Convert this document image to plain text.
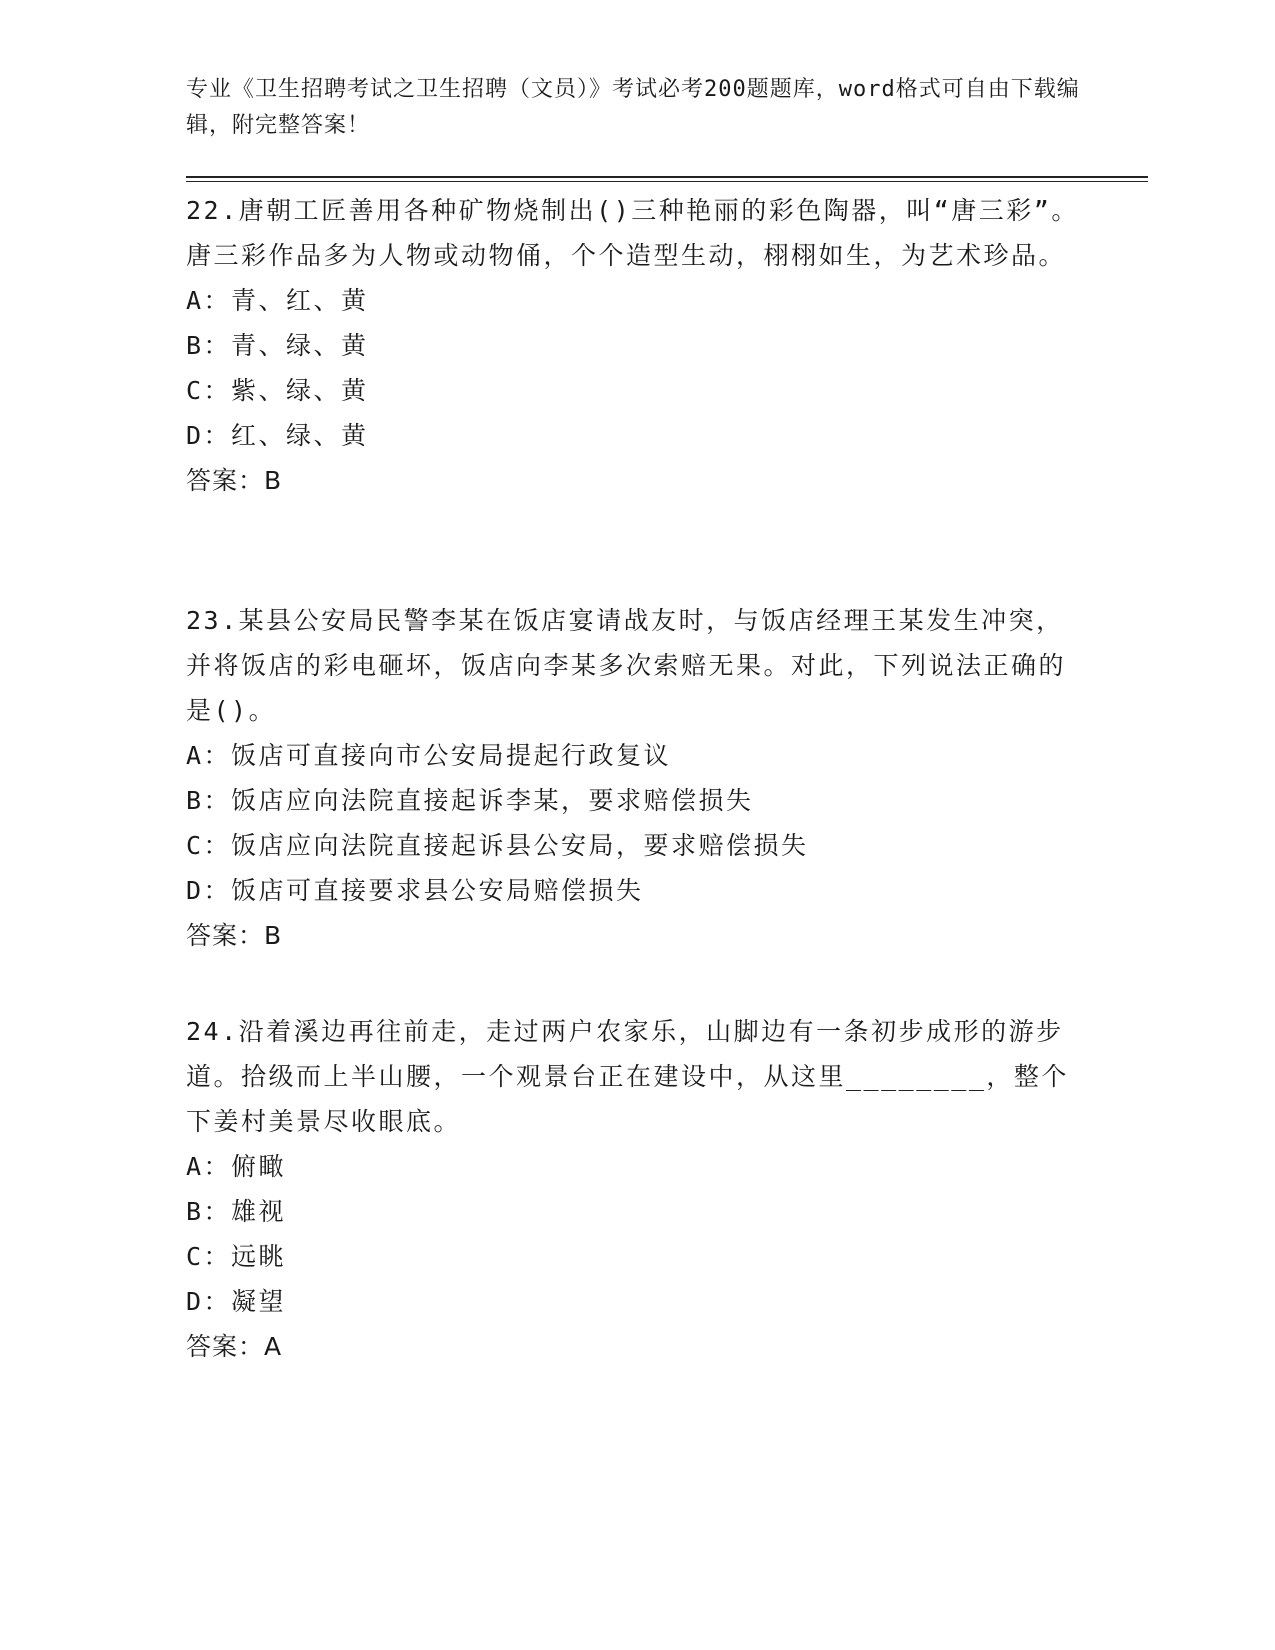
专业《卫生招聘考试之卫生招聘（文员）》考试必考200题题库，word格式可自由下载编辑，附完整答案！

22.唐朝工匠善用各种矿物烧制出()三种艳丽的彩色陶器，叫“唐三彩”。唐三彩作品多为人物或动物俑，个个造型生动，栩栩如生，为艺术珍品。

A：青、红、黄

B：青、绿、黄

C：紫、绿、黄

D：红、绿、黄

答案：B

23.某县公安局民警李某在饭店宴请战友时，与饭店经理王某发生冲突，并将饭店的彩电砸坏，饭店向李某多次索赔无果。对此，下列说法正确的是()。

A：饭店可直接向市公安局提起行政复议

B：饭店应向法院直接起诉李某，要求赔偿损失

C：饭店应向法院直接起诉县公安局，要求赔偿损失

D：饭店可直接要求县公安局赔偿损失

答案：B

24.沿着溪边再往前走，走过两户农家乐，山脚边有一条初步成形的游步道。拾级而上半山腰，一个观景台正在建设中，从这里________，整个下姜村美景尽收眼底。

A：俯瞰

B：雄视

C：远眺

D：凝望

答案：A
